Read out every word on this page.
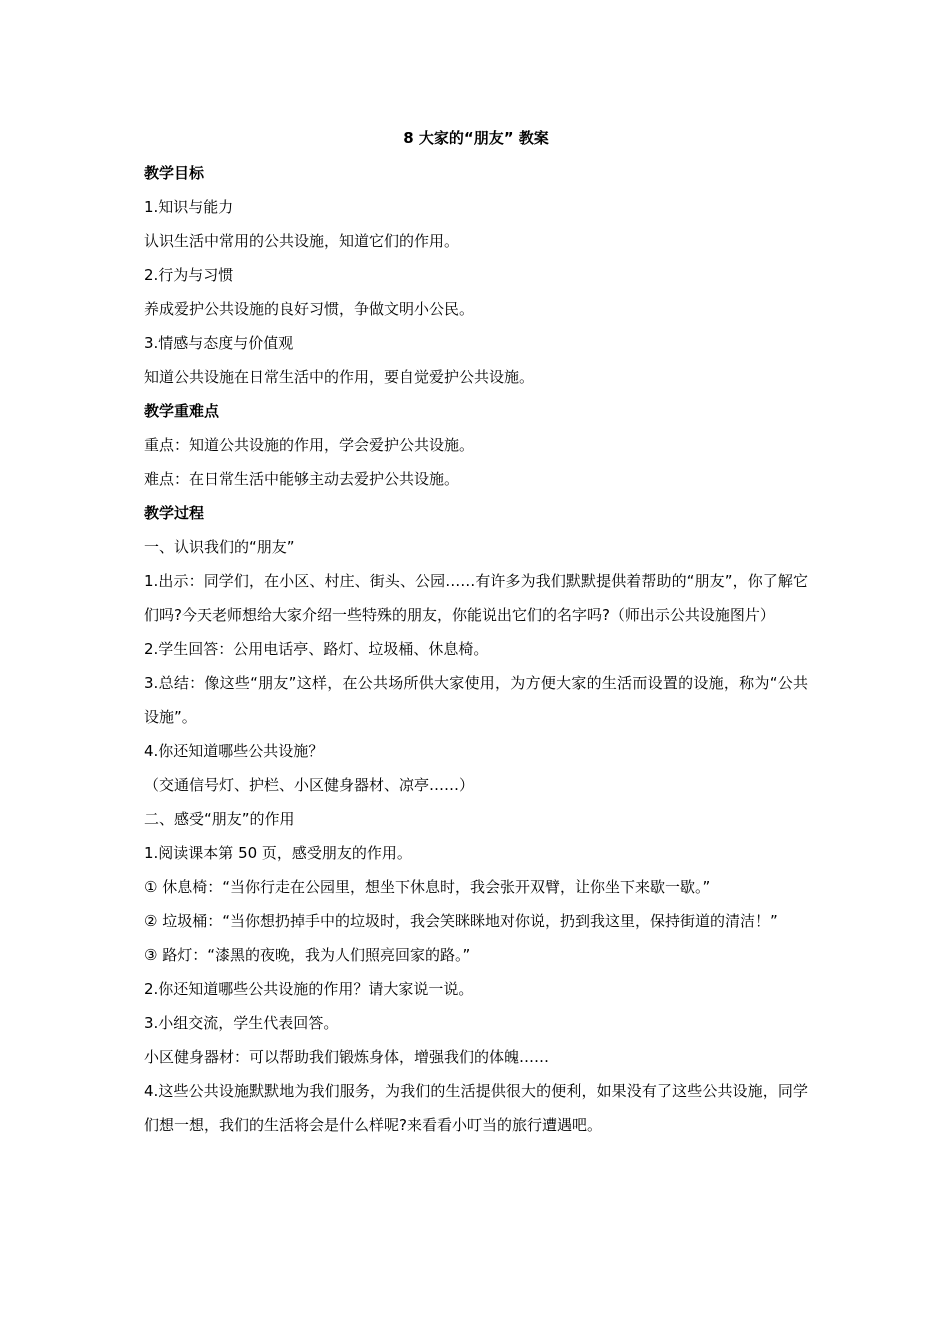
8 大家的“朋友” 教案
教学目标
1.知识与能力
认识生活中常用的公共设施，知道它们的作用。
2.行为与习惯
养成爱护公共设施的良好习惯，争做文明小公民。
3.情感与态度与价值观
知道公共设施在日常生活中的作用，要自觉爱护公共设施。
教学重难点
重点：知道公共设施的作用，学会爱护公共设施。
难点：在日常生活中能够主动去爱护公共设施。
教学过程
一、认识我们的“朋友”
1.出示：同学们，在小区、村庄、街头、公园……有许多为我们默默提供着帮助的“朋友”，你了解它们吗?今天老师想给大家介绍一些特殊的朋友，你能说出它们的名字吗?（师出示公共设施图片）
2.学生回答：公用电话亭、路灯、垃圾桶、休息椅。
3.总结：像这些“朋友”这样，在公共场所供大家使用，为方便大家的生活而设置的设施，称为“公共设施”。
4.你还知道哪些公共设施？
（交通信号灯、护栏、小区健身器材、凉亭……）
二、感受“朋友”的作用
1.阅读课本第 50 页，感受朋友的作用。
① 休息椅：“当你行走在公园里，想坐下休息时，我会张开双臂，让你坐下来歇一歇。”
② 垃圾桶：“当你想扔掉手中的垃圾时，我会笑眯眯地对你说，扔到我这里，保持街道的清洁！”
③ 路灯：“漆黑的夜晚，我为人们照亮回家的路。”
2.你还知道哪些公共设施的作用？请大家说一说。
3.小组交流，学生代表回答。
小区健身器材：可以帮助我们锻炼身体，增强我们的体魄……
4.这些公共设施默默地为我们服务，为我们的生活提供很大的便利，如果没有了这些公共设施，同学们想一想，我们的生活将会是什么样呢?来看看小叮当的旅行遭遇吧。
